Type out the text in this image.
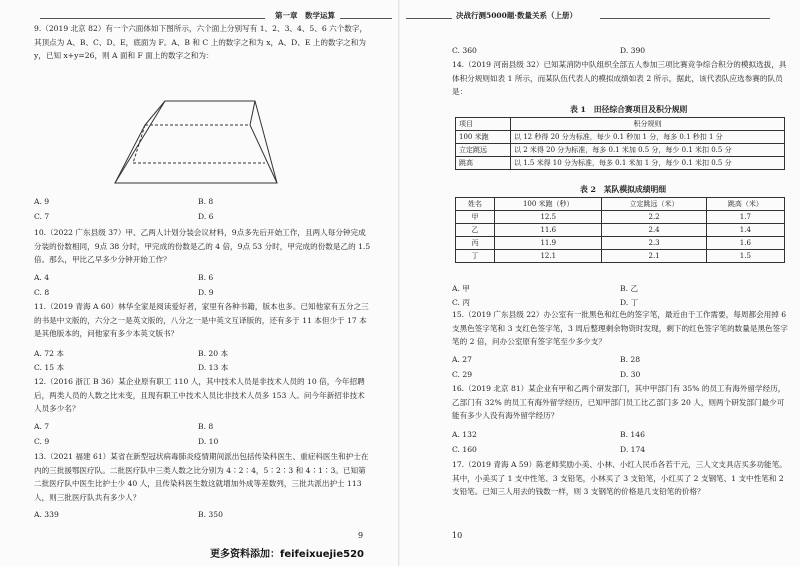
第一章　数学运算
9.（2019 北京 82）有一个六面体如下图所示，六个面上分别写有 1、2、3、4、5、6 六个数字，其顶点为 A、B、C、D、E，底面为 F。A、B 和 C 上的数字之和为 x，A、D、E 上的数字之和为 y，已知 x+y=26，则 A 面和 F 面上的数字之和为：
A. 9	B. 8
C. 7	D. 6
10.（2022 广东县级 37）甲、乙两人计划分装会议材料，9点多先后开始工作，且两人每分钟完成分装的份数相同，9点 38 分时，甲完成的份数是乙的 4 倍，9点 53 分时，甲完成的份数是乙的 1.5 倍。那么，甲比乙早多少分钟开始工作？
A. 4	B. 6
C. 8	D. 9
11.（2019 青海 A 60）林华全家是阅读爱好者，家里有各种书籍，版本也多。已知他家有五分之三的书是中文版的，六分之一是英文版的，八分之一是中英文互译版的，还有多于 11 本但少于 17 本是其他版本的，问他家有多少本英文版书？
A. 72 本	B. 20 本
C. 15 本	D. 13 本
12.（2016 浙江 B 36）某企业原有职工 110 人，其中技术人员是非技术人员的 10 倍，今年招聘后，两类人员的人数之比未变，且现有职工中技术人员比非技术人员多 153 人。问今年新招非技术人员多少名？
A. 7	B. 8
C. 9	D. 10
13.（2021 福建 61）某省在新型冠状病毒肺炎疫情期间派出包括传染科医生、重症科医生和护士在内的三批援鄂医疗队。二批医疗队中三类人数之比分别为 4∶2∶4，5∶2∶3 和 4∶1∶3。已知第二批医疗队中医生比护士少 40 人，且传染科医生数这就增加外成等差数列，三批共派出护士 113 人，则三批医疗队共有多少人？
A. 339	B. 350
9
决战行测5000题·数量关系（上册）
C. 360	D. 390
14.（2019 河南县级 32）已知某消防中队组织全部五人参加三项比赛竞争综合积分的模拟选拔，具体积分规则如表 1 所示，而某队伍代表人的模拟成绩如表 2 所示，据此，该代表队应选参赛的队员是：
表 1　田径综合赛项目及积分规则
项目	积分规则
100 米跑	以 12 秒得 20 分为标准，每少 0.1 秒加 1 分，每多 0.1 秒扣 1 分
立定跳远	以 2 米得 20 分为标准，每多 0.1 米加 0.5 分，每少 0.1 米扣 0.5 分
跳高	以 1.5 米得 10 分为标准，每多 0.1 米加 1 分，每少 0.1 米扣 0.5 分
表 2　某队模拟成绩明细
姓名	100 米跑（秒）	立定跳远（米）	跳高（米）
甲	12.5	2.2	1.7
乙	11.6	2.4	1.4
丙	11.9	2.3	1.6
丁	12.1	2.1	1.5
A. 甲	B. 乙
C. 丙	D. 丁
15.（2019 广东县级 22）办公室有一批黑色和红色的签字笔，最近由于工作需要，每周都会用掉 6 支黑色签字笔和 3 支红色签字笔，3 周后整理剩余物资时发现，剩下的红色签字笔的数量是黑色签字笔的 2 倍，问办公室原有签字笔至少多少支？
A. 27	B. 28
C. 29	D. 30
16.（2019 北京 81）某企业有甲和乙两个研发部门，其中甲部门有 35% 的员工有海外留学经历，乙部门有 32% 的员工有海外留学经历，已知甲部门员工比乙部门多 20 人，则两个研发部门最少可能有多少人没有海外留学经历？
A. 132	B. 146
C. 160	D. 174
17.（2019 青海 A 59）陈老师奖励小美、小林、小红人民币各若干元，三人文支具店买多功能笔。其中，小美买了 1 支中性笔、3 支铅笔，小林买了 3 支铅笔，小红买了 2 支钢笔、1 支中性笔和 2 支铅笔。已知三人用去的钱数一样，则 3 支钢笔的价格是几支铅笔的价格？
10
更多资料添加：feifeixuejie520
